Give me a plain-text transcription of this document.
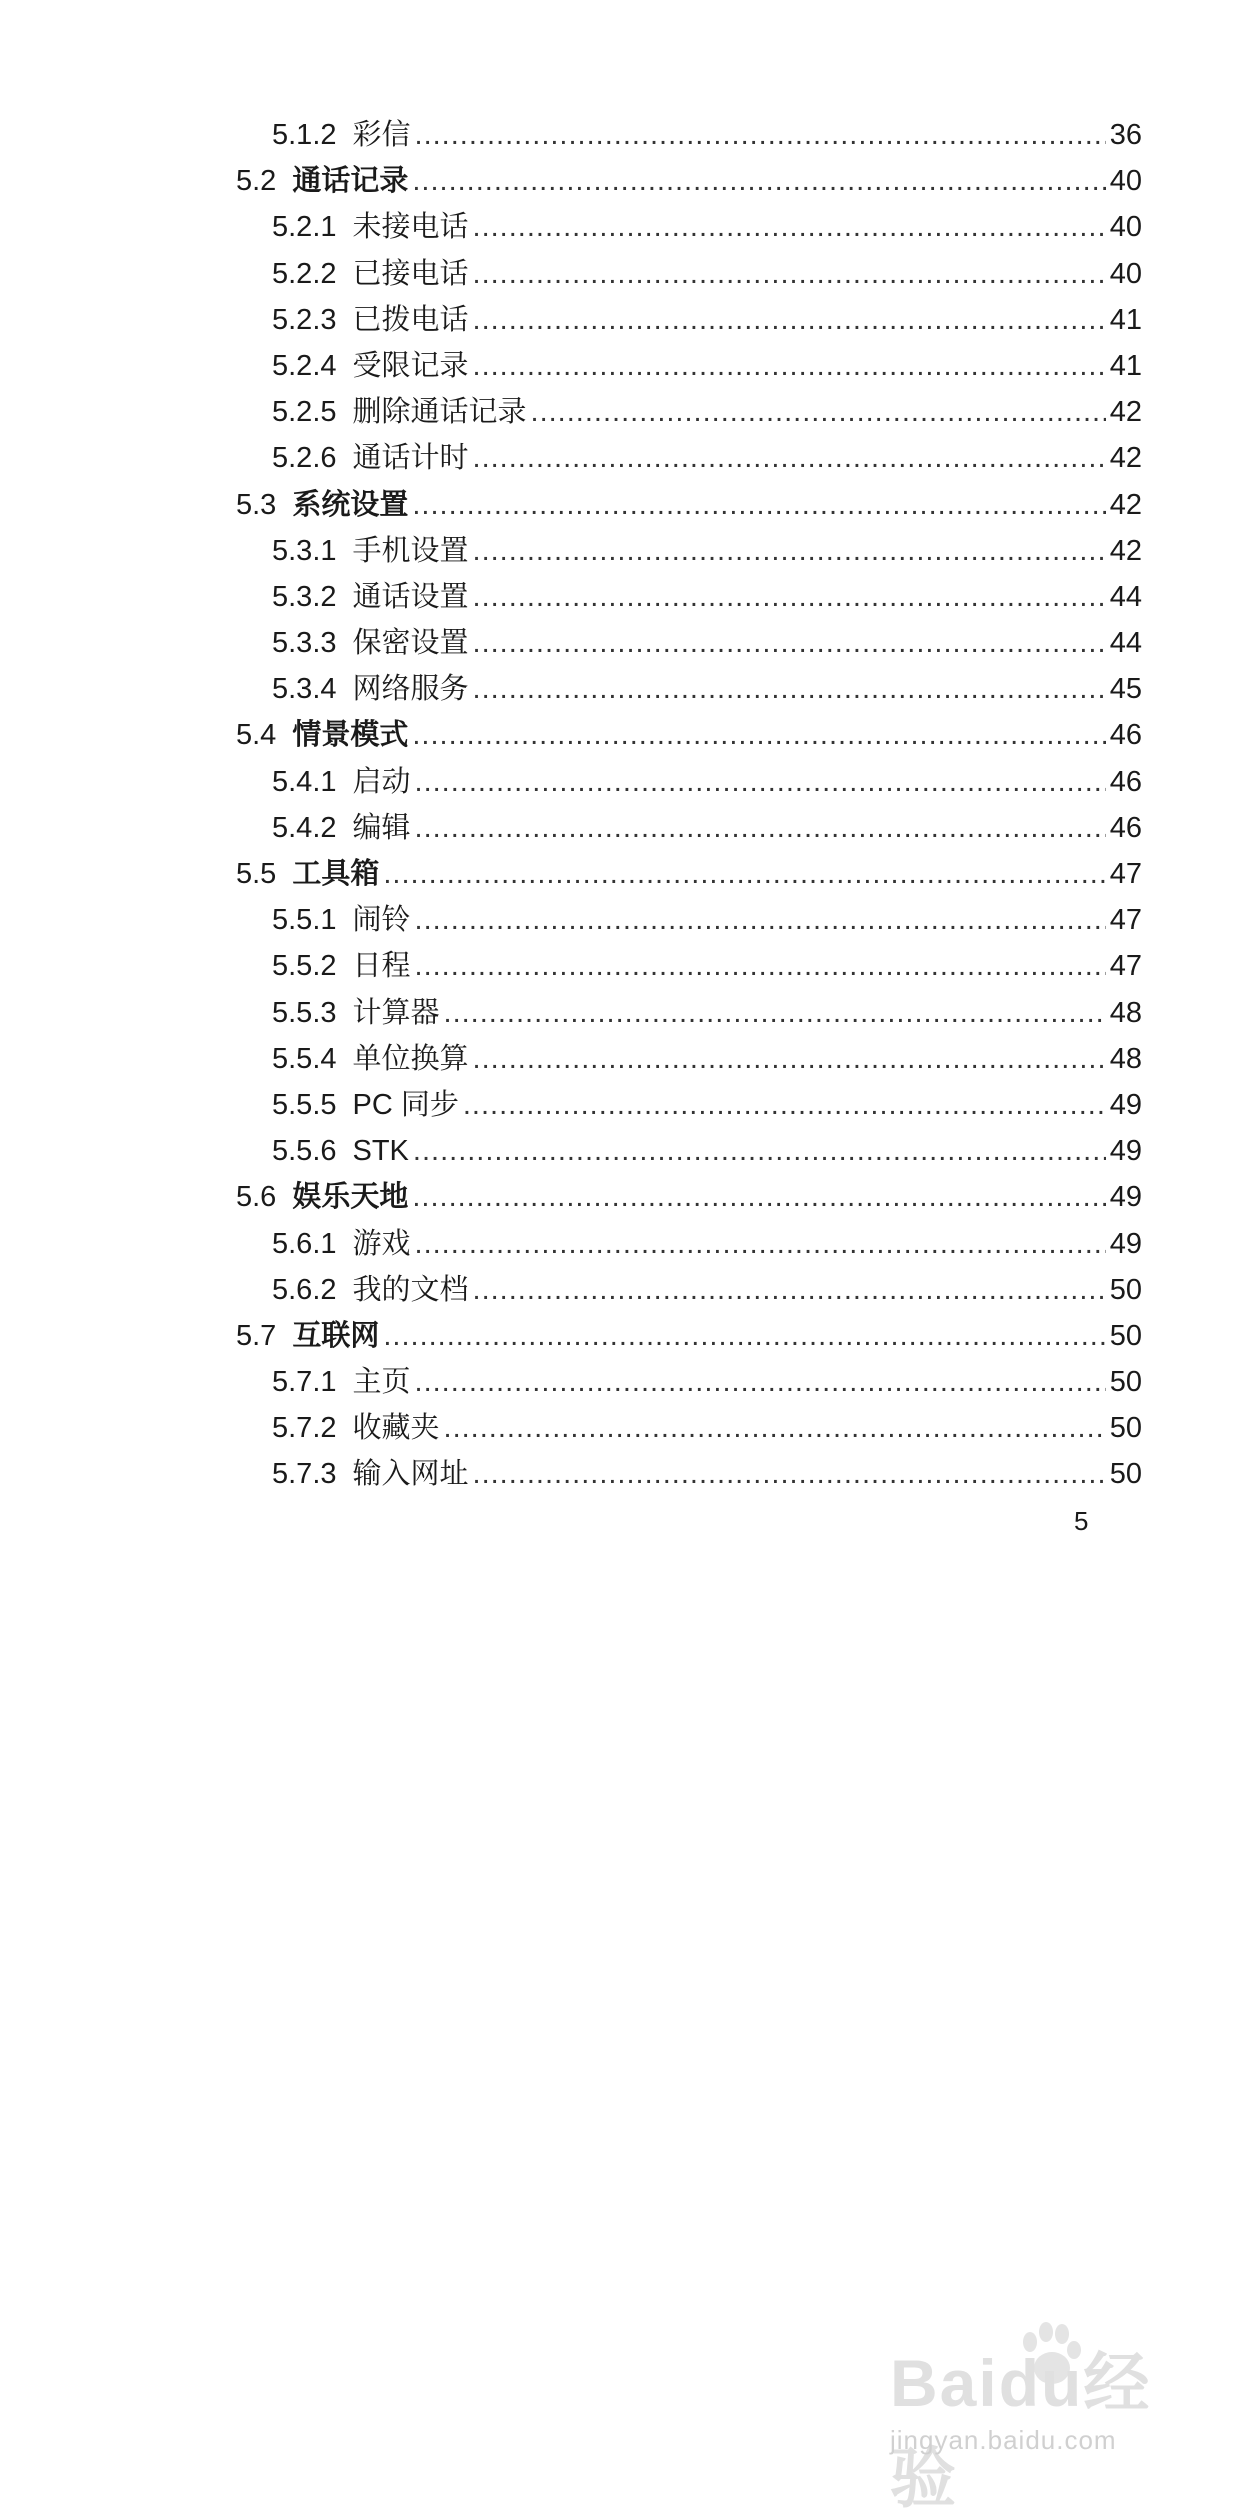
5.1.2 彩信 .....	36
5.2 通话记录 .....	40
5.2.1 未接电话 .....	40
5.2.2 已接电话 .....	40
5.2.3 已拨电话 .....	41
5.2.4 受限记录 .....	41
5.2.5 删除通话记录 .....	42
5.2.6 通话计时 .....	42
5.3 系统设置 .....	42
5.3.1 手机设置 .....	42
5.3.2 通话设置 .....	44
5.3.3 保密设置 .....	44
5.3.4 网络服务 .....	45
5.4 情景模式 .....	46
5.4.1 启动 .....	46
5.4.2 编辑 .....	46
5.5 工具箱 .....	47
5.5.1 闹铃 .....	47
5.5.2 日程 .....	47
5.5.3 计算器 .....	48
5.5.4 单位换算 .....	48
5.5.5 PC 同步 .....	49
5.5.6 STK .....	49
5.6 娱乐天地 .....	49
5.6.1 游戏 .....	49
5.6.2 我的文档 .....	50
5.7 互联网 .....	50
5.7.1 主页 .....	50
5.7.2 收藏夹 .....	50
5.7.3 输入网址 .....	50
5
Baidu经验
jingyan.baidu.com
